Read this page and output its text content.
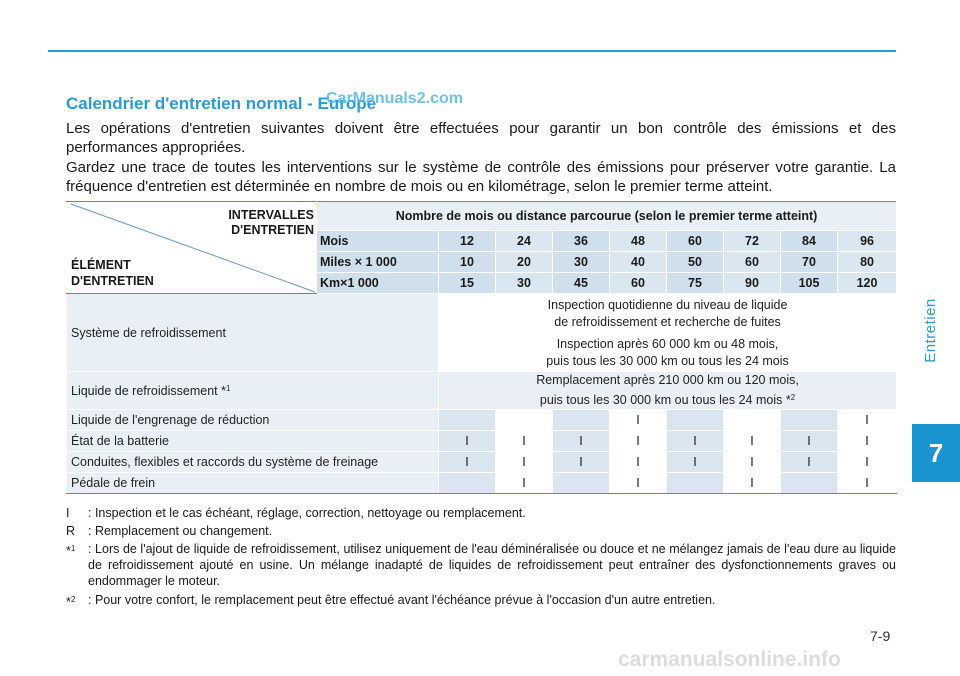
Entretien
7
Calendrier d'entretien normal - Europe
CarManuals2.com

Les opérations d'entretien suivantes doivent être effectuées pour garantir un bon contrôle des émissions et des performances appropriées.

Gardez une trace de toutes les interventions sur le système de contrôle des émissions pour préserver votre garantie. La fréquence d'entretien est déterminée en nombre de mois ou en kilométrage, selon le premier terme atteint.

INTERVALLES
D'ENTRETIEN
ÉLÉMENT
D'ENTRETIEN	Nombre de mois ou distance parcourue (selon le premier terme atteint)								
	Mois	12	24	36	48	60	72	84	96
	Miles × 1 000	10	20	30	40	50	60	70	80
	Km×1 000	15	30	45	60	75	90	105	120
Système de refroidissement		Inspection quotidienne du niveau de liquide
de refroidissement et recherche de fuites							

		Inspection après 60 000 km ou 48 mois,
puis tous les 30 000 km ou tous les 24 mois							

Liquide de refroidissement *$^1$		Remplacement après 210 000 km ou 120 mois,
puis tous les 30 000 km ou tous les 24 mois *$^2$

Liquide de l'engrenage de réduction					I				I
État de la batterie		I	I	I	I	I	I	I	I
Conduites, flexibles et raccords du système de freinage		I	I	I	I	I	I	I	I
Pédale de frein			I		I		I		I
I	: Inspection et le cas échéant, réglage, correction, nettoyage ou remplacement.
R	: Remplacement ou changement.
*$^1$	: Lors de l'ajout de liquide de refroidissement, utilisez uniquement de l'eau déminéralisée ou douce et ne mélangez jamais de l'eau dure au liquide de refroidissement ajouté en usine. Un mélange inadapté de liquides de refroidissement peut entraîner des dysfonctionnements graves ou endommager le moteur.
*$^2$	: Pour votre confort, le remplacement peut être effectué avant l'échéance prévue à l'occasion d'un autre entretien.
7-9
carmanualsonline.info
